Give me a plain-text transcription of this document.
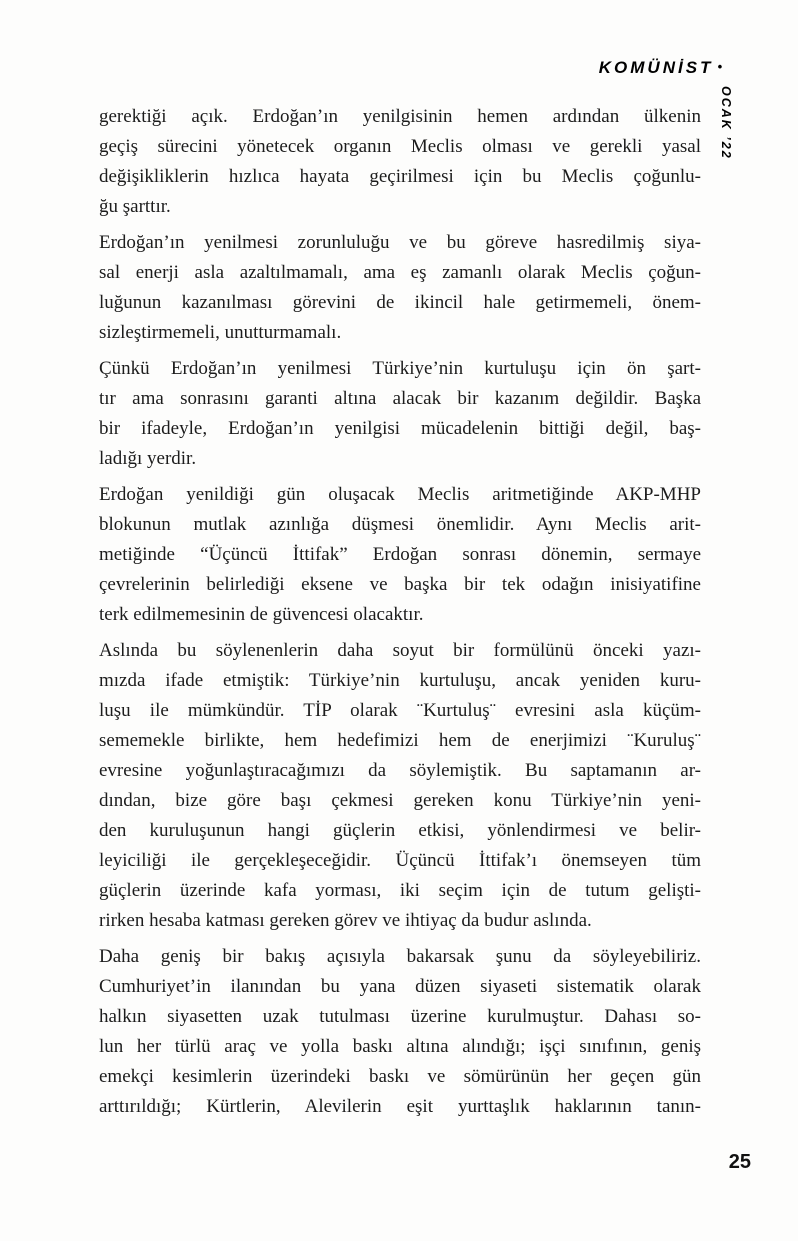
KOMÜNİST •
OCAK ’22

gerektiği açık. Erdoğan’ın yenilgisinin hemen ardından ülkenin
geçiş sürecini yönetecek organın Meclis olması ve gerekli yasal
değişikliklerin hızlıca hayata geçirilmesi için bu Meclis çoğunlu-
ğu şarttır.

Erdoğan’ın yenilmesi zorunluluğu ve bu göreve hasredilmiş siya-
sal enerji asla azaltılmamalı, ama eş zamanlı olarak Meclis çoğun-
luğunun kazanılması görevini de ikincil hale getirmemeli, önem-
sizleştirmemeli, unutturmamalı.

Çünkü Erdoğan’ın yenilmesi Türkiye’nin kurtuluşu için ön şart-
tır ama sonrasını garanti altına alacak bir kazanım değildir. Başka
bir ifadeyle, Erdoğan’ın yenilgisi mücadelenin bittiği değil, baş-
ladığı yerdir.

Erdoğan yenildiği gün oluşacak Meclis aritmetiğinde AKP-MHP
blokunun mutlak azınlığa düşmesi önemlidir. Aynı Meclis arit-
metiğinde “Üçüncü İttifak” Erdoğan sonrası dönemin, sermaye
çevrelerinin belirlediği eksene ve başka bir tek odağın inisiyatifine
terk edilmemesinin de güvencesi olacaktır.

Aslında bu söylenenlerin daha soyut bir formülünü önceki yazı-
mızda ifade etmiştik: Türkiye’nin kurtuluşu, ancak yeniden kuru-
luşu ile mümkündür. TİP olarak ¨Kurtuluş¨ evresini asla küçüm-
sememekle birlikte, hem hedefimizi hem de enerjimizi ¨Kuruluş¨
evresine yoğunlaştıracağımızı da söylemiştik. Bu saptamanın ar-
dından, bize göre başı çekmesi gereken konu Türkiye’nin yeni-
den kuruluşunun hangi güçlerin etkisi, yönlendirmesi ve belir-
leyiciliği ile gerçekleşeceğidir. Üçüncü İttifak’ı önemseyen tüm
güçlerin üzerinde kafa yorması, iki seçim için de tutum gelişti-
rirken hesaba katması gereken görev ve ihtiyaç da budur aslında.

Daha geniş bir bakış açısıyla bakarsak şunu da söyleyebiliriz.
Cumhuriyet’in ilanından bu yana düzen siyaseti sistematik olarak
halkın siyasetten uzak tutulması üzerine kurulmuştur. Dahası so-
lun her türlü araç ve yolla baskı altına alındığı; işçi sınıfının, geniş
emekçi kesimlerin üzerindeki baskı ve sömürünün her geçen gün
arttırıldığı; Kürtlerin, Alevilerin eşit yurttaşlık haklarının tanın-

25
